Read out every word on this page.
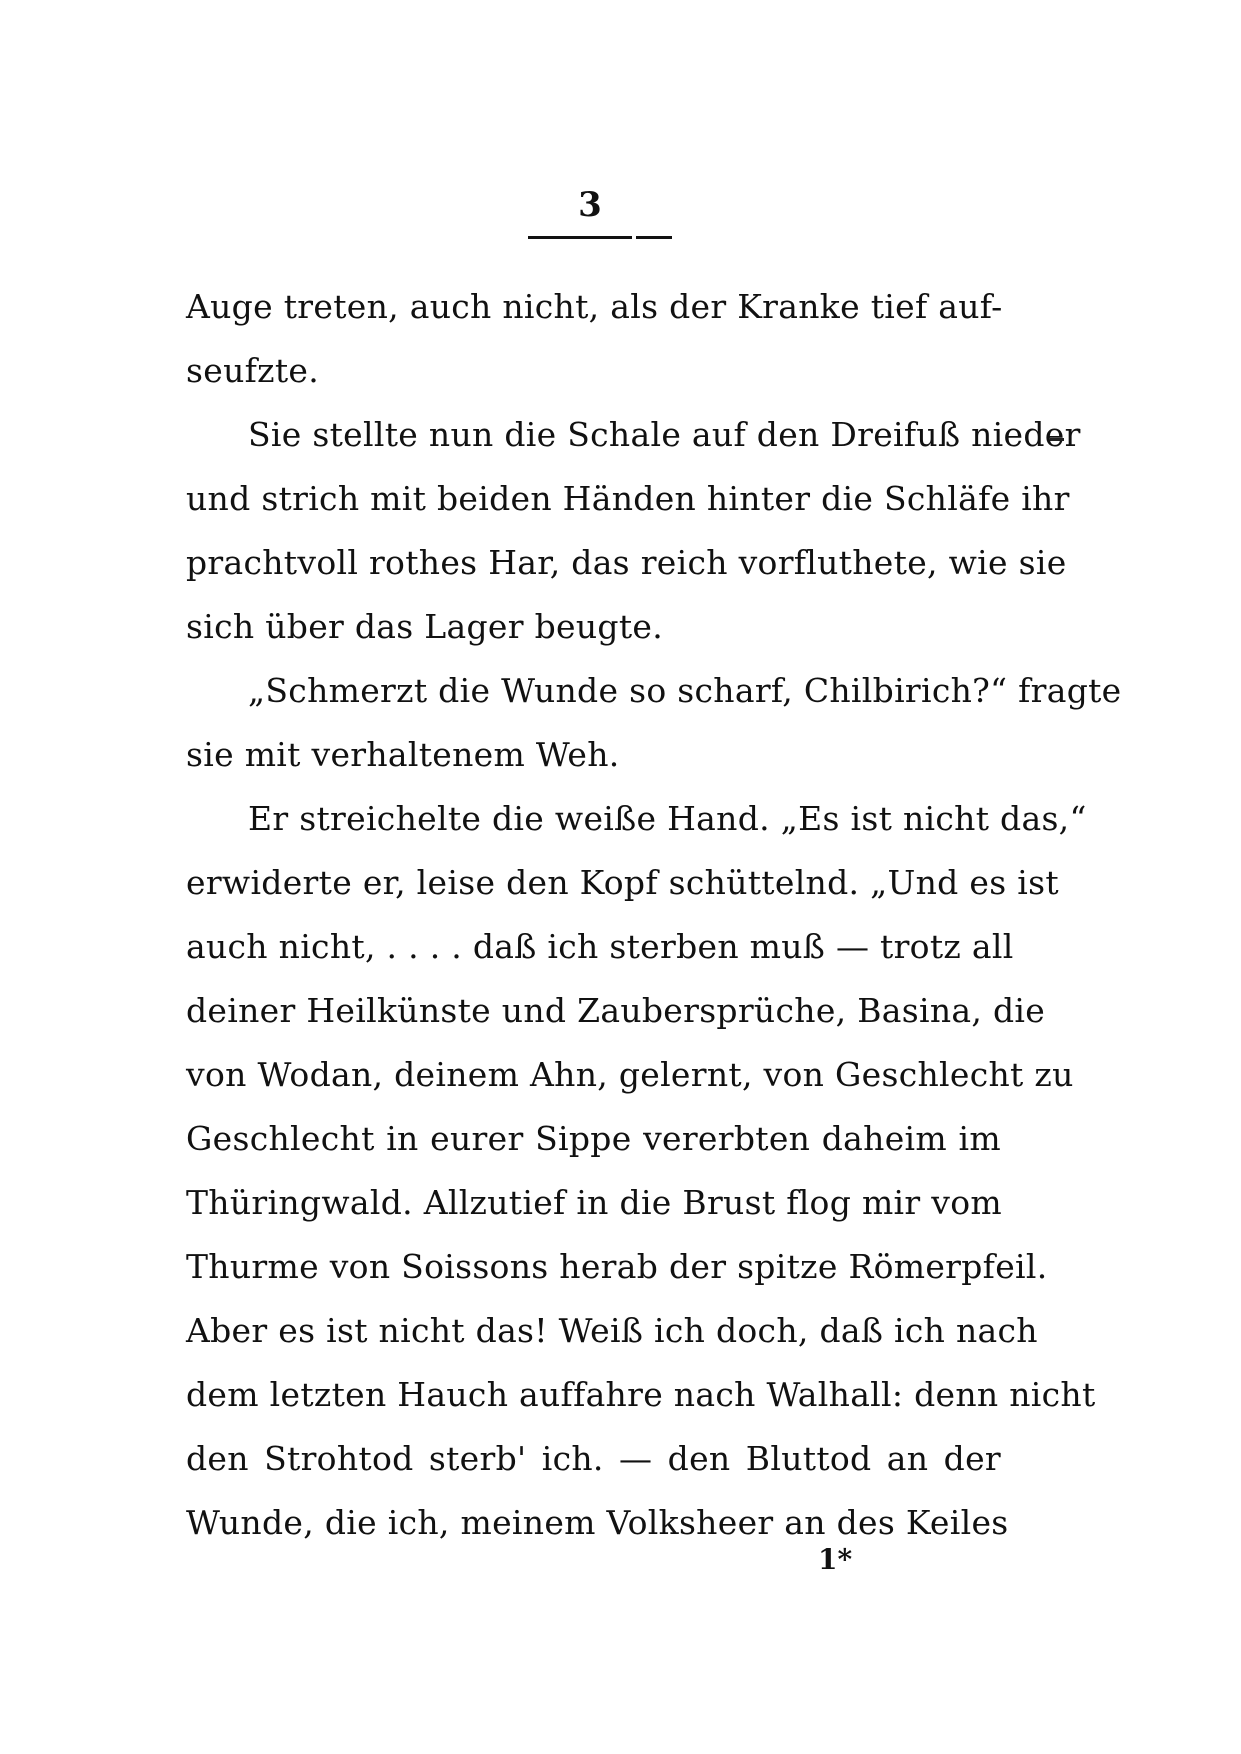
3
Auge treten, auch nicht, als der Kranke tief auf-
seufzte.
Sie stellte nun die Schale auf den Dreifuß nieder
und strich mit beiden Händen hinter die Schläfe ihr
prachtvoll rothes Har, das reich vorfluthete, wie sie
sich über das Lager beugte.
„Schmerzt die Wunde so scharf, Chilbirich?“ fragte
sie mit verhaltenem Weh.
Er streichelte die weiße Hand. „Es ist nicht das,“
erwiderte er, leise den Kopf schüttelnd. „Und es ist
auch nicht, . . . . daß ich sterben muß — trotz all
deiner Heilkünste und Zaubersprüche, Basina, die
von Wodan, deinem Ahn, gelernt, von Geschlecht zu
Geschlecht in eurer Sippe vererbten daheim im
Thüringwald. Allzutief in die Brust flog mir vom
Thurme von Soissons herab der spitze Römerpfeil.
Aber es ist nicht das! Weiß ich doch, daß ich nach
dem letzten Hauch auffahre nach Walhall: denn nicht
den Strohtod sterb' ich. — den Bluttod an der
Wunde, die ich, meinem Volksheer an des Keiles
1*
